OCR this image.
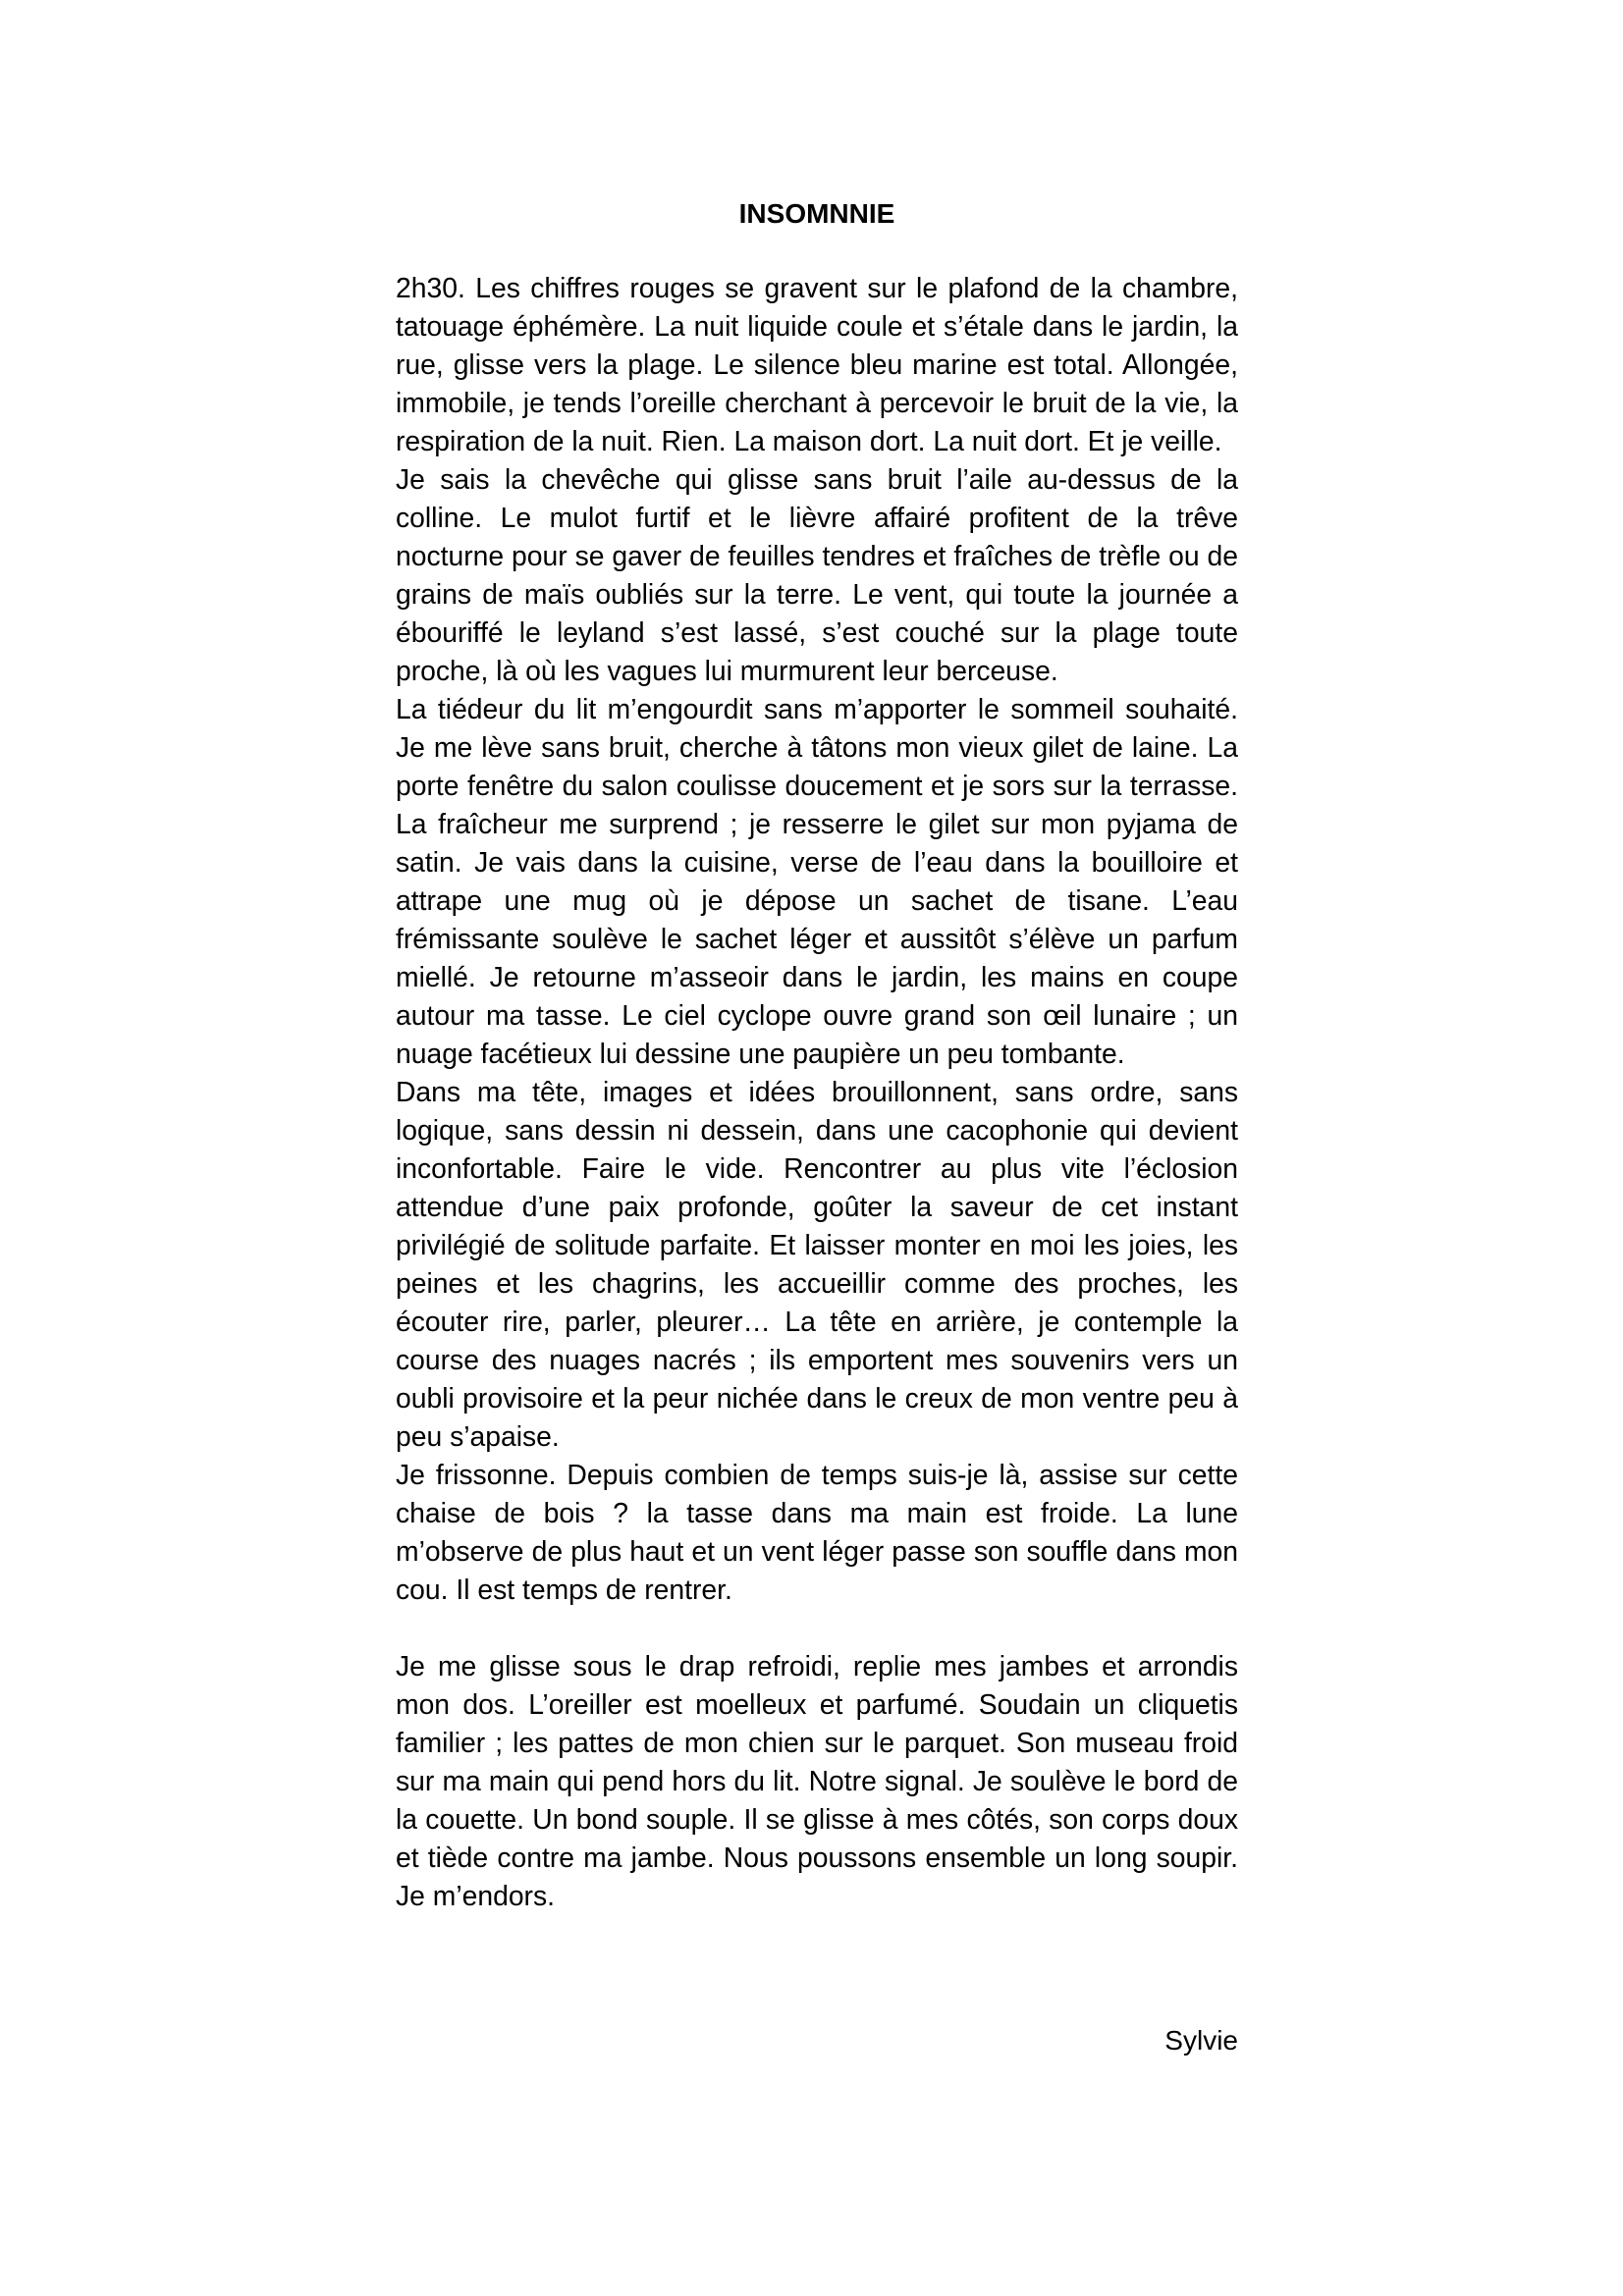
INSOMNNIE

2h30. Les chiffres rouges se gravent sur le plafond de la chambre, tatouage éphémère. La nuit liquide coule et s’étale dans le jardin, la rue, glisse vers la plage. Le silence bleu marine est total. Allongée, immobile, je tends l’oreille cherchant à percevoir le bruit de la vie, la respiration de la nuit. Rien. La maison dort. La nuit dort. Et je veille.

Je sais la chevêche qui glisse sans bruit l’aile au-dessus de la colline. Le mulot furtif et le lièvre affairé profitent de la trêve nocturne pour se gaver de feuilles tendres et fraîches de trèfle ou de grains de maïs oubliés sur la terre. Le vent, qui toute la journée a ébouriffé le leyland s’est lassé, s’est couché sur la plage toute proche, là où les vagues lui murmurent leur berceuse.

La tiédeur du lit m’engourdit sans m’apporter le sommeil souhaité. Je me lève sans bruit, cherche à tâtons mon vieux gilet de laine. La porte fenêtre du salon coulisse doucement et je sors sur la terrasse. La fraîcheur me surprend ; je resserre le gilet sur mon pyjama de satin. Je vais dans la cuisine, verse de l’eau dans la bouilloire et attrape une mug où je dépose un sachet de tisane. L’eau frémissante soulève le sachet léger et aussitôt s’élève un parfum miellé. Je retourne m’asseoir dans le jardin, les mains en coupe autour ma tasse. Le ciel cyclope ouvre grand son œil lunaire ; un nuage facétieux lui dessine une paupière un peu tombante.

Dans ma tête, images et idées brouillonnent, sans ordre, sans logique, sans dessin ni dessein, dans une cacophonie qui devient inconfortable. Faire le vide. Rencontrer au plus vite l’éclosion attendue d’une paix profonde, goûter la saveur de cet instant privilégié de solitude parfaite. Et laisser monter en moi les joies, les peines et les chagrins, les accueillir comme des proches, les écouter rire, parler, pleurer… La tête en arrière, je contemple la course des nuages nacrés ; ils emportent mes souvenirs vers un oubli provisoire et la peur nichée dans le creux de mon ventre peu à peu s’apaise.

Je frissonne. Depuis combien de temps suis-je là, assise sur cette chaise de bois ? la tasse dans ma main est froide. La lune m’observe de plus haut et un vent léger passe son souffle dans mon cou. Il est temps de rentrer.

Je me glisse sous le drap refroidi, replie mes jambes et arrondis mon dos. L’oreiller est moelleux et parfumé. Soudain un cliquetis familier ; les pattes de mon chien sur le parquet. Son museau froid sur ma main qui pend hors du lit. Notre signal. Je soulève le bord de la couette. Un bond souple. Il se glisse à mes côtés, son corps doux et tiède contre ma jambe. Nous poussons ensemble un long soupir. Je m’endors.

Sylvie
